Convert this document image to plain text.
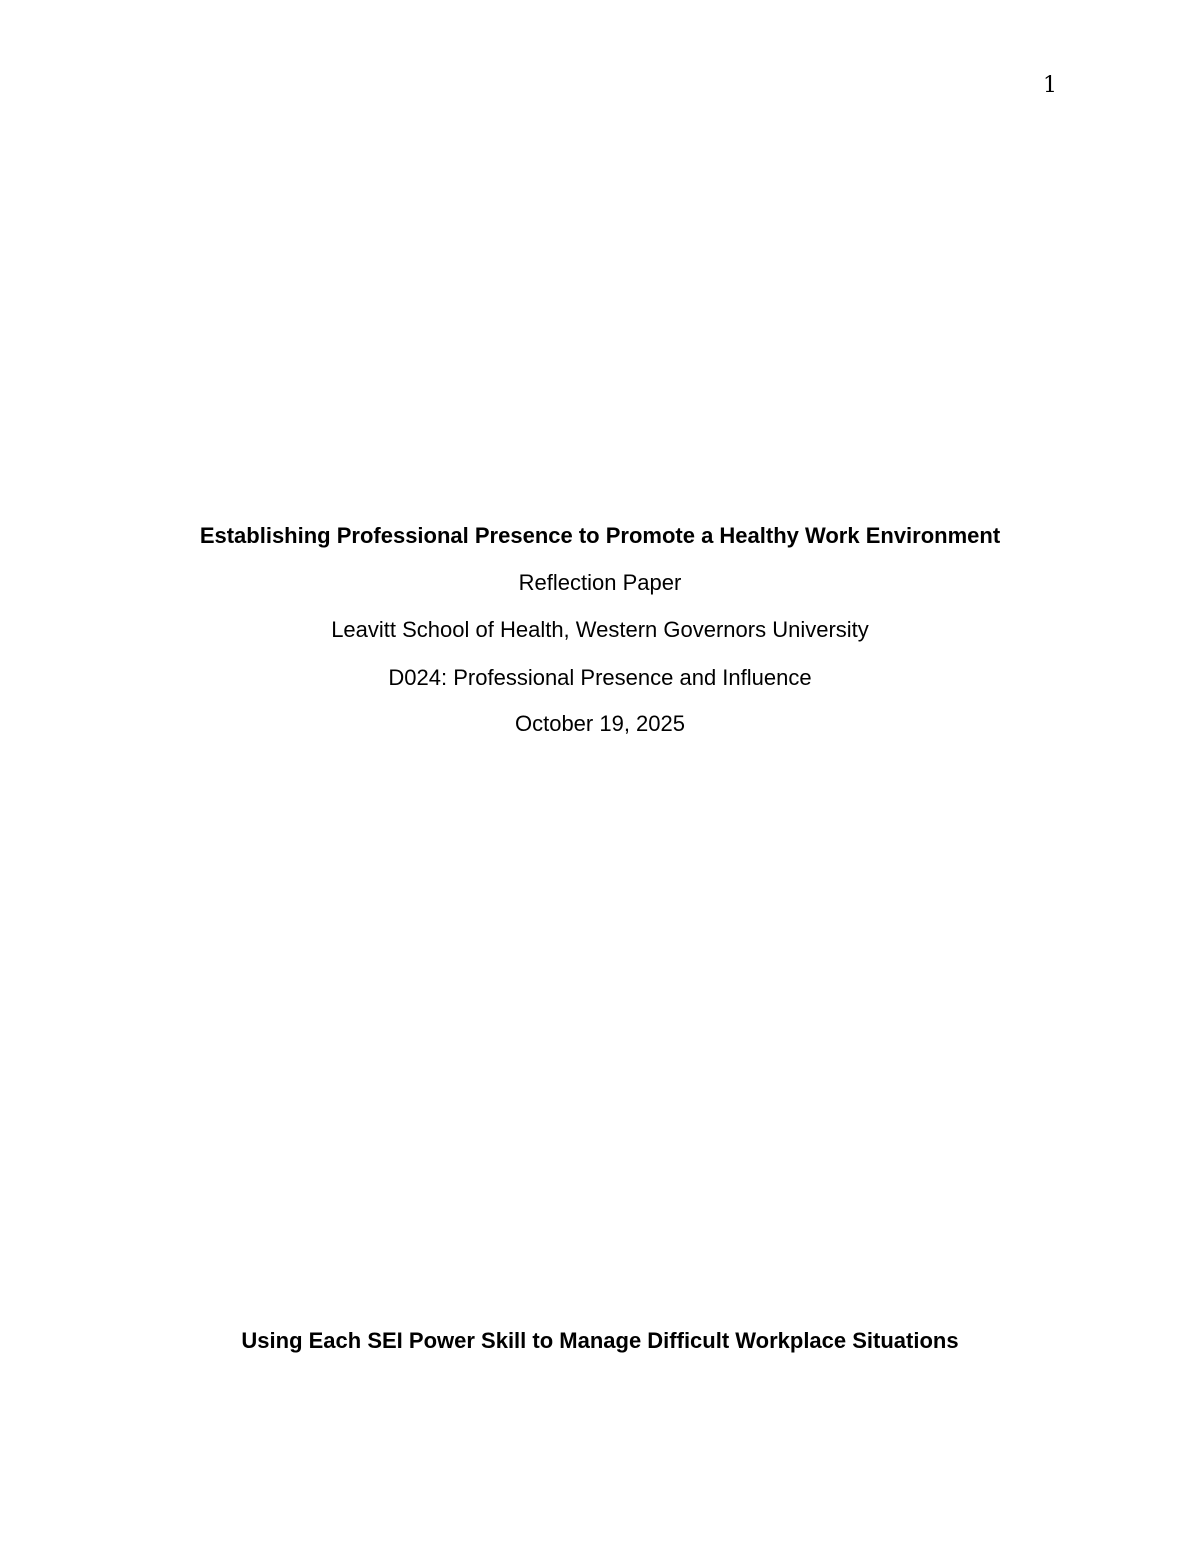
1
Establishing Professional Presence to Promote a Healthy Work Environment
Reflection Paper
Leavitt School of Health, Western Governors University
D024: Professional Presence and Influence
October 19, 2025
Using Each SEI Power Skill to Manage Difficult Workplace Situations
